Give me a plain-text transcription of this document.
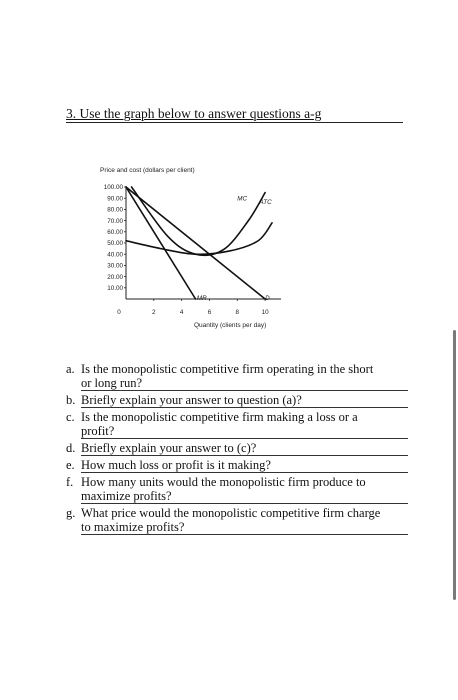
3. Use the graph below to answer questions a-g
Price and cost (dollars per client)
Quantity (clients per day)
10.00
20.00
30.00
40.00
50.00
60.00
70.00
80.00
90.00
100.00
0	2	4	6	8	10
D
MR
MC ATC
a. Is the monopolistic competitive firm operating in the short
or long run?
b. Briefly explain your answer to question (a)?
c. Is the monopolistic competitive firm making a loss or a
profit?
d. Briefly explain your answer to (c)?
e. How much loss or profit is it making?
f. How many units would the monopolistic firm produce to
maximize profits?
g. What price would the monopolistic competitive firm charge
to maximize profits?
